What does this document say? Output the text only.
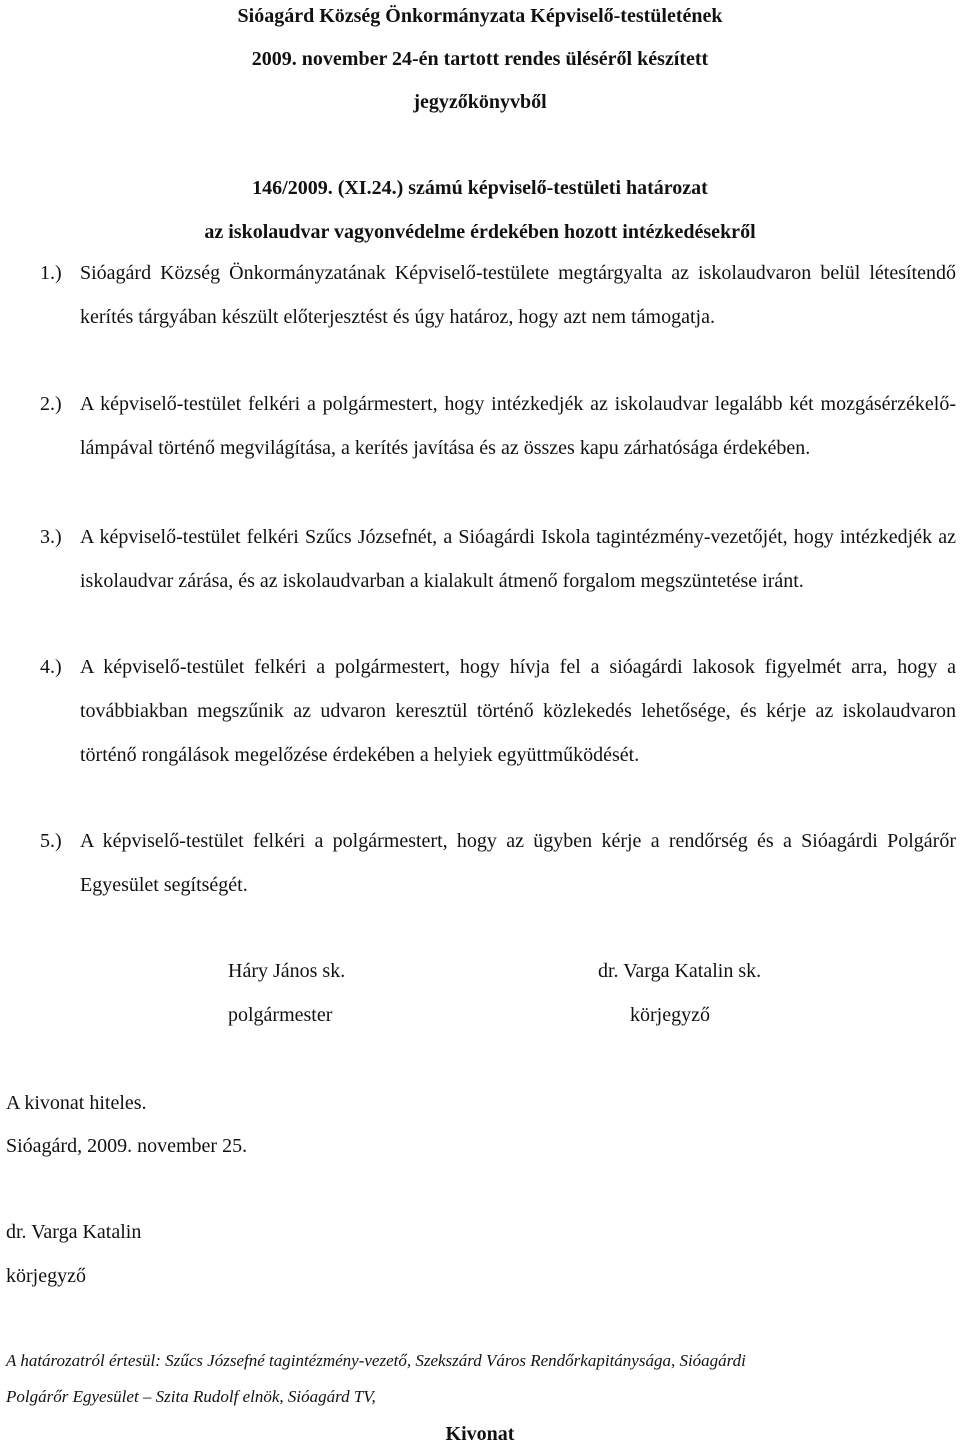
Sióagárd Község Önkormányzata Képviselő-testületének
2009. november 24-én tartott rendes üléséről készített
jegyzőkönyvből
146/2009. (XI.24.) számú képviselő-testületi határozat
az iskolaudvar vagyonvédelme érdekében hozott intézkedésekről
1.) Sióagárd Község Önkormányzatának Képviselő-testülete megtárgyalta az iskolaudvaron belül létesítendő kerítés tárgyában készült előterjesztést és úgy határoz, hogy azt nem támogatja.
2.) A képviselő-testület felkéri a polgármestert, hogy intézkedjék az iskolaudvar legalább két mozgásérzékelő-lámpával történő megvilágítása, a kerítés javítása és az összes kapu zárhatósága érdekében.
3.) A képviselő-testület felkéri Szűcs Józsefnét, a Sióagárdi Iskola tagintézmény-vezetőjét, hogy intézkedjék az iskolaudvar zárása, és az iskolaudvarban a kialakult átmenő forgalom megszüntetése iránt.
4.) A képviselő-testület felkéri a polgármestert, hogy hívja fel a sióagárdi lakosok figyelmét arra, hogy a továbbiakban megszűnik az udvaron keresztül történő közlekedés lehetősége, és kérje az iskolaudvaron történő rongálások megelőzése érdekében a helyiek együttműködését.
5.) A képviselő-testület felkéri a polgármestert, hogy az ügyben kérje a rendőrség és a Sióagárdi Polgárőr Egyesület segítségét.
Háry János sk.
polgármester
dr. Varga Katalin sk.
körjegyző
A kivonat hiteles.
Sióagárd, 2009. november 25.
dr. Varga Katalin
körjegyző
A határozatról értesül: Szűcs Józsefné tagintézmény-vezető, Szekszárd Város Rendőrkapitánysága, Sióagárdi
Polgárőr Egyesület – Szita Rudolf elnök, Sióagárd TV,
Kivonat
